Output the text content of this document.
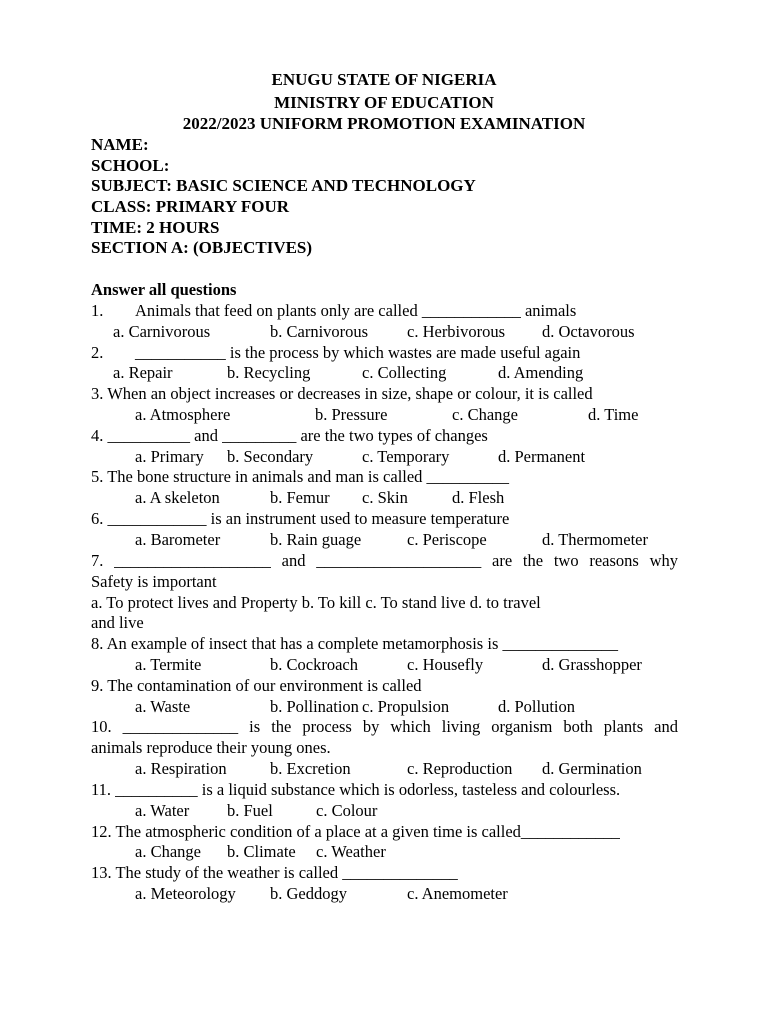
ENUGU STATE OF NIGERIA
MINISTRY OF EDUCATION
2022/2023 UNIFORM PROMOTION EXAMINATION
NAME:
SCHOOL:
SUBJECT: BASIC SCIENCE AND TECHNOLOGY
CLASS: PRIMARY FOUR
TIME: 2 HOURS
SECTION A: (OBJECTIVES)
Answer all questions
1. Animals that feed on plants only are called ____________ animals
a. Carnivorous	b. Carnivorous c. Herbivorous d. Octavorous
2. ___________ is the process by which wastes are made useful again
a. Repair	b. Recycling	c. Collecting	d. Amending
3. When an object increases or decreases in size, shape or colour, it is called
a. Atmosphere	b. Pressure	c. Change	d. Time
4. __________ and _________ are the two types of changes
a. Primary b. Secondary	c. Temporary	d. Permanent
5. The bone structure in animals and man is called __________
a. A skeleton	b. Femur c. Skin	d. Flesh
6. ____________ is an instrument used to measure temperature
a. Barometer	b. Rain guage	c. Periscope	d. Thermometer
7. ___________________ and ____________________ are the two reasons why
Safety is important
a. To protect lives and Property b. To kill c. To stand live d. to travel
and live
8. An example of insect that has a complete metamorphosis is ______________
a. Termite	b. Cockroach	c. Housefly	d. Grasshopper
9. The contamination of our environment is called
a. Waste	b. Pollination c. Propulsion	d. Pollution
10. ______________ is the process by which living organism both plants and
animals reproduce their young ones.
a. Respiration	b. Excretion	c. Reproduction d. Germination
11. __________ is a liquid substance which is odorless, tasteless and colourless.
a. Water b. Fuel	c. Colour
12. The atmospheric condition of a place at a given time is called____________
a. Change b. Climate c. Weather
13. The study of the weather is called ______________
a. Meteorology b. Geddogy	c. Anemometer
